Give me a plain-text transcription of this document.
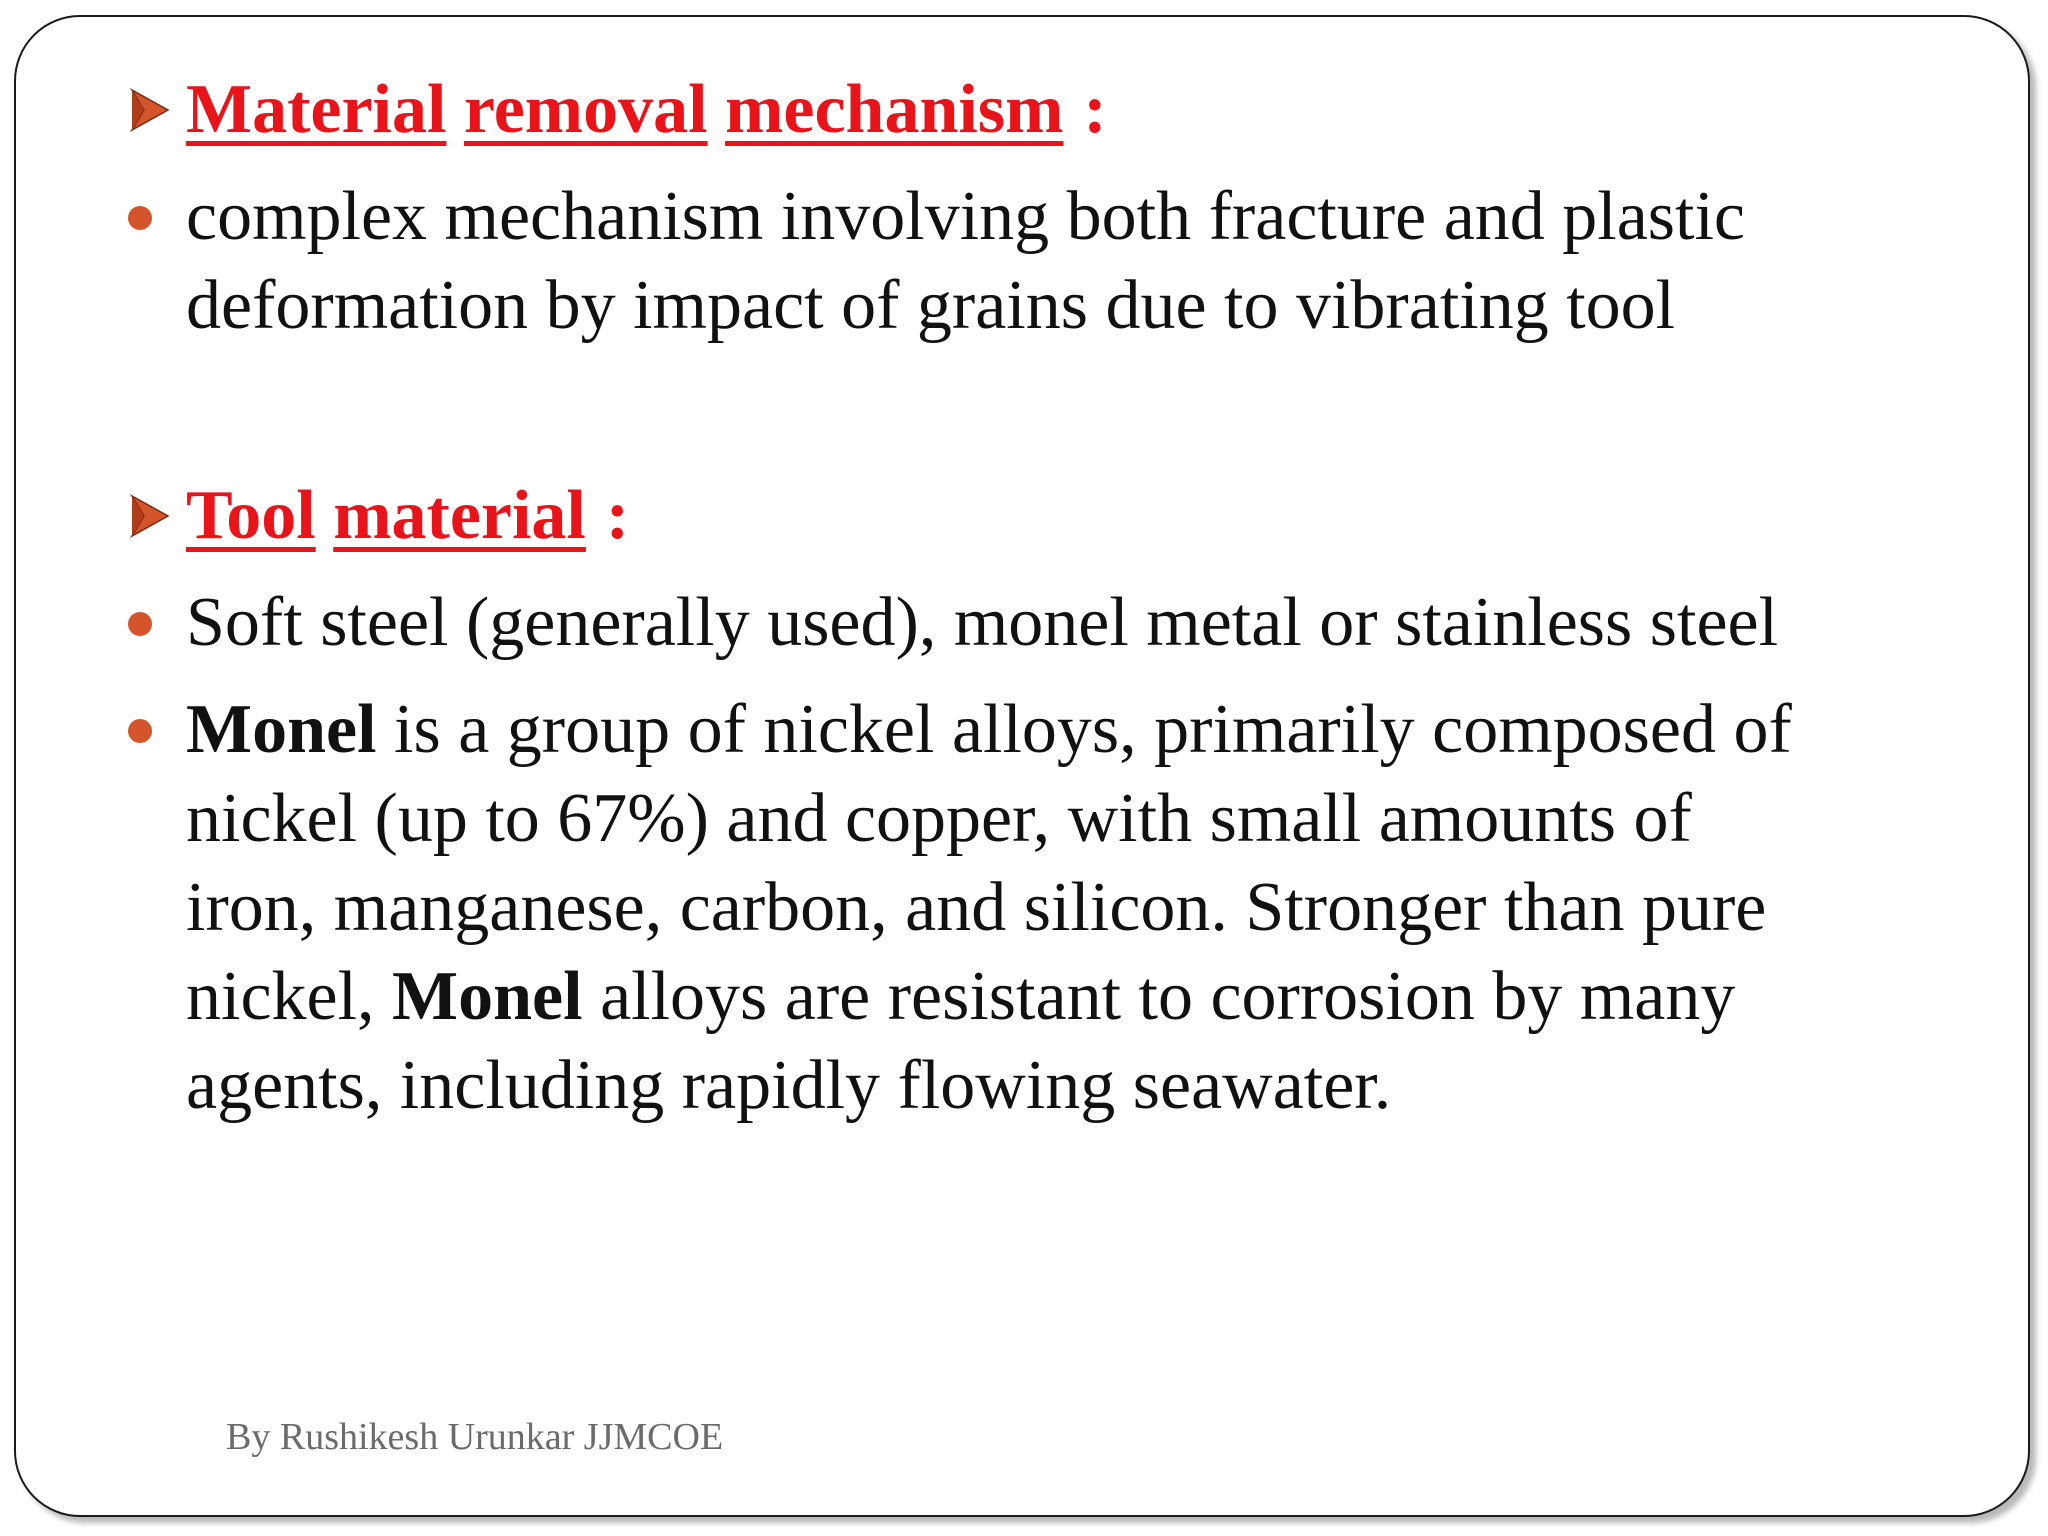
Material removal mechanism :
complex mechanism involving both fracture and plastic
deformation by impact of grains due to vibrating tool
Tool material :
Soft steel (generally used), monel metal or stainless steel
Monel is a group of nickel alloys, primarily composed of
nickel (up to 67%) and copper, with small amounts of
iron, manganese, carbon, and silicon. Stronger than pure
nickel, Monel alloys are resistant to corrosion by many
agents, including rapidly flowing seawater.
By Rushikesh Urunkar JJMCOE
